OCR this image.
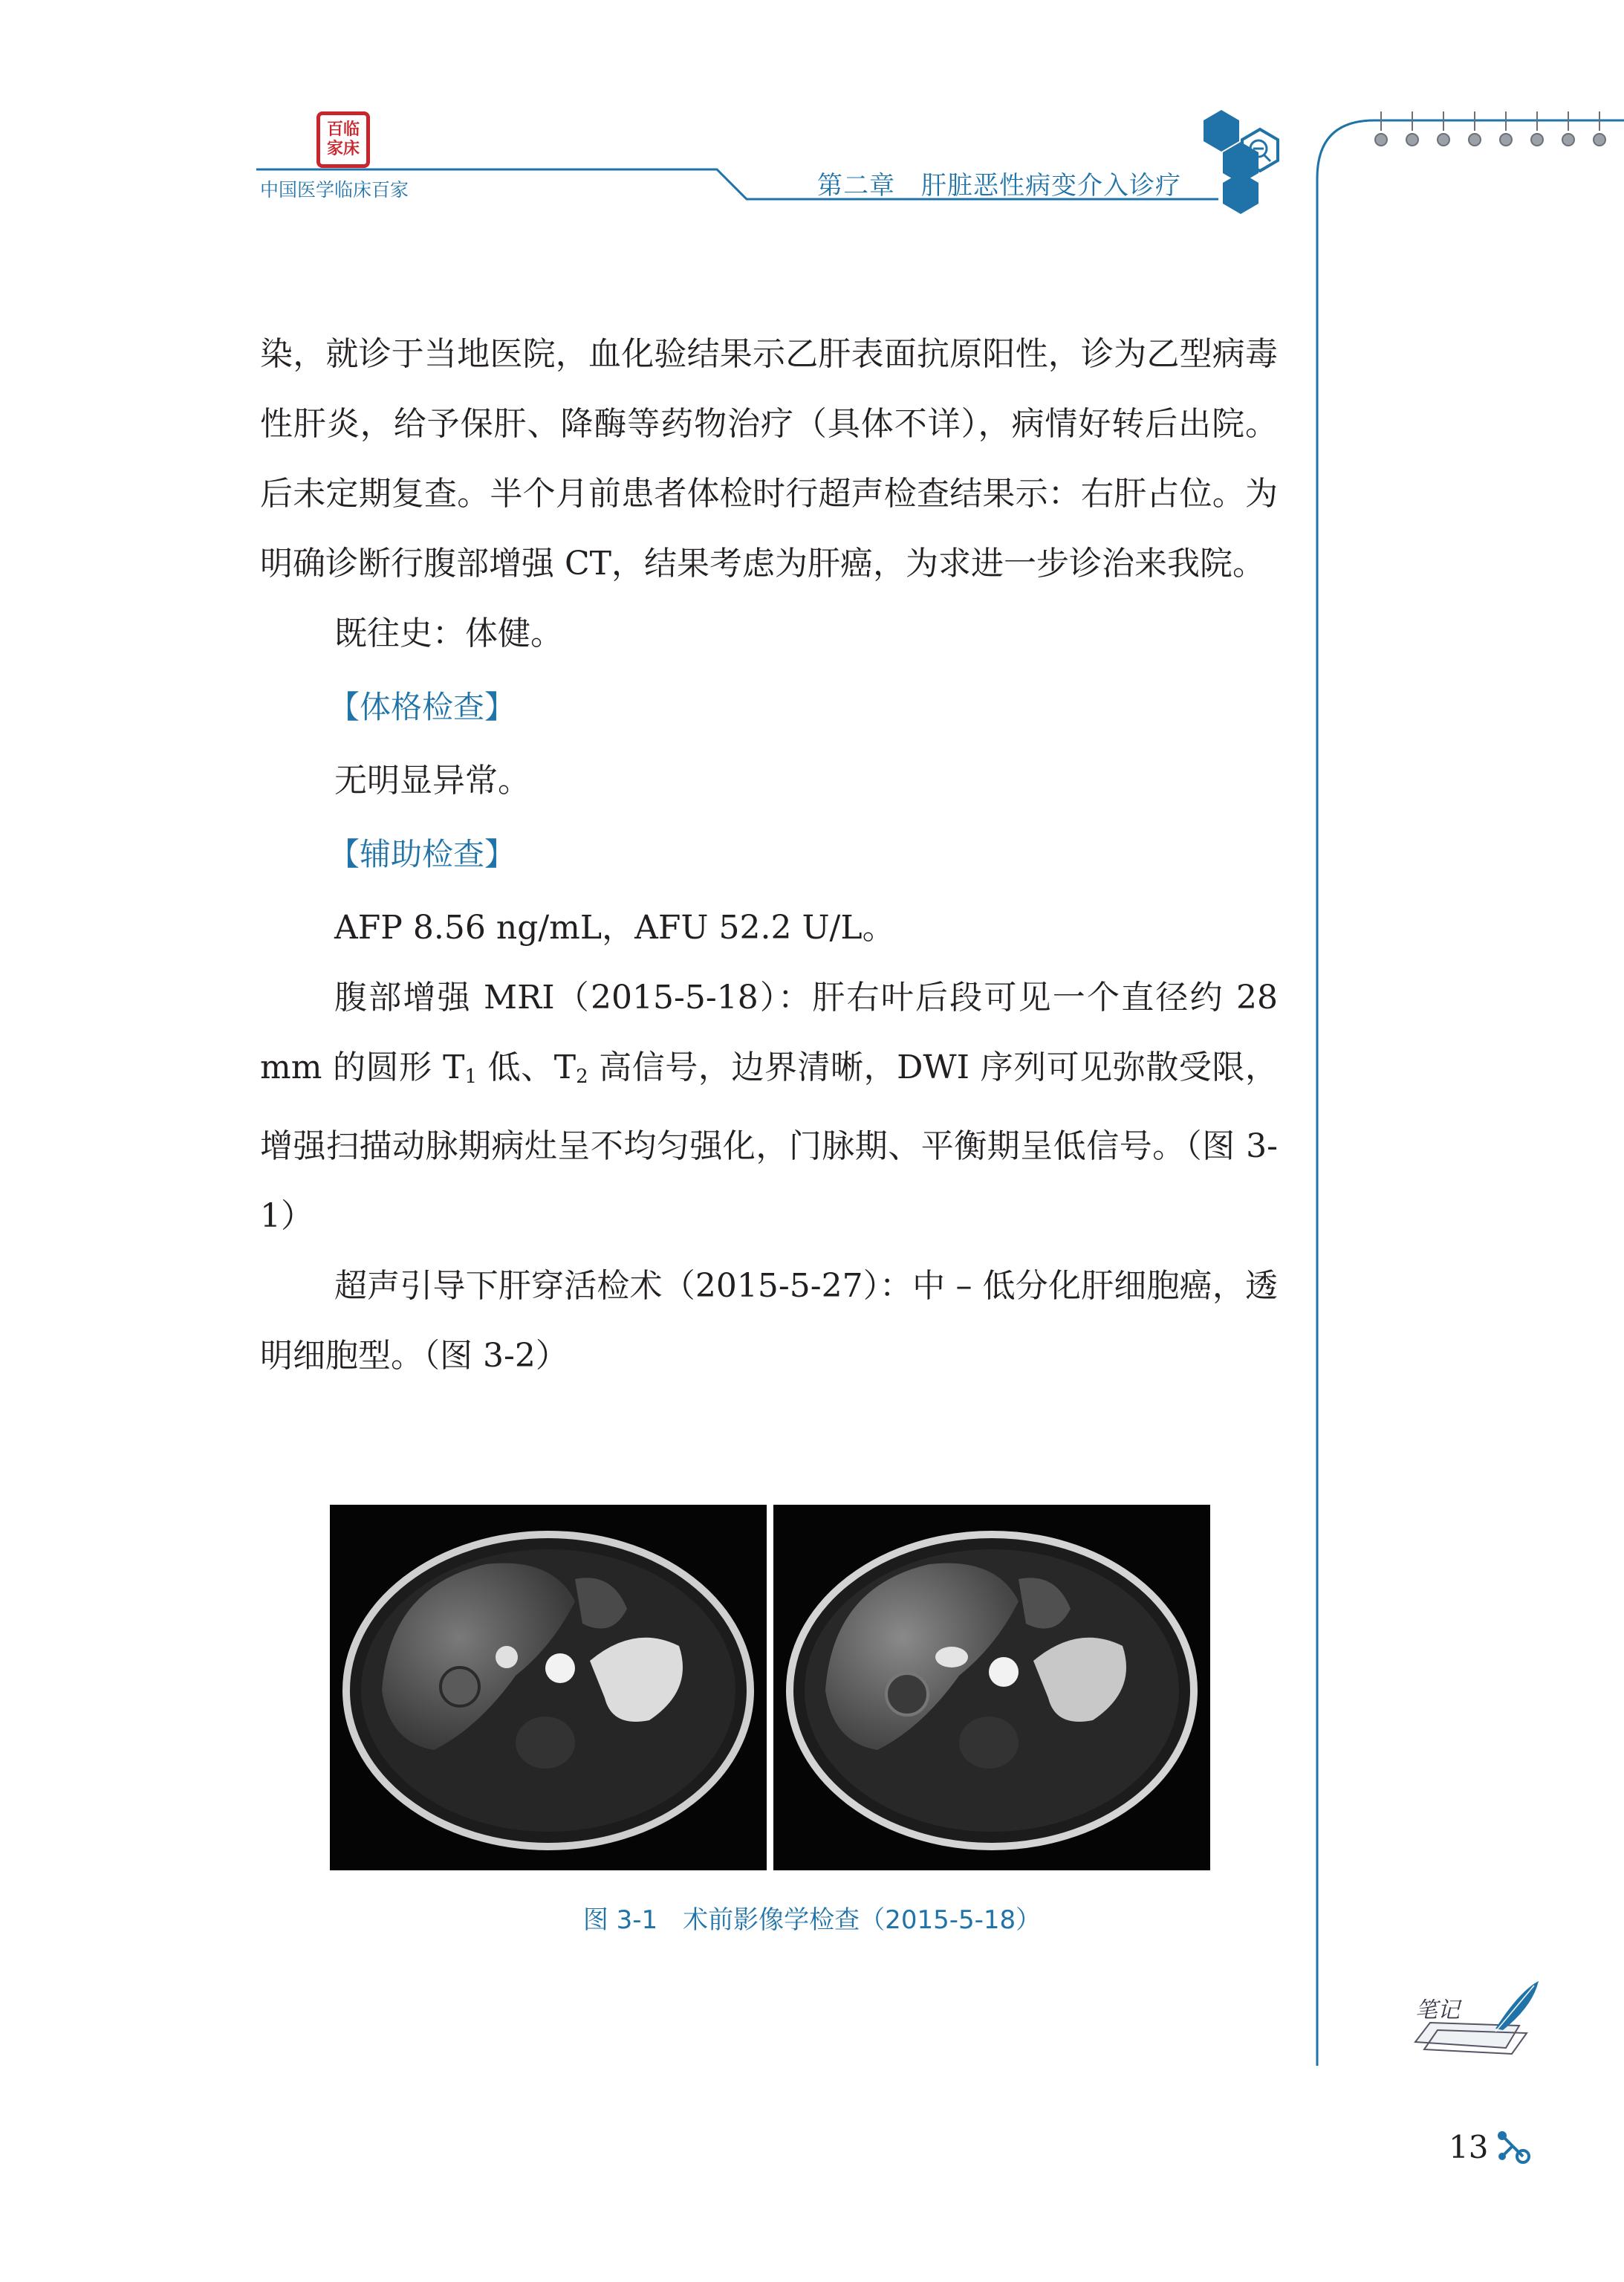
百临家床
中国医学临床百家	第二章　肝脏恶性病变介入诊疗
笔记

染，就诊于当地医院，血化验结果示乙肝表面抗原阳性，诊为乙型病毒性肝炎，给予保肝、降酶等药物治疗（具体不详），病情好转后出院。后未定期复查。半个月前患者体检时行超声检查结果示：右肝占位。为明确诊断行腹部增强 CT，结果考虑为肝癌，为求进一步诊治来我院。

既往史：体健。

【体格检查】

无明显异常。

【辅助检查】

AFP 8.56 ng/mL，AFU 52.2 U/L。

腹部增强 MRI（2015-5-18）：肝右叶后段可见一个直径约 28 mm 的圆形 $T_1$ 低、$T_2$ 高信号，边界清晰，DWI 序列可见弥散受限，增强扫描动脉期病灶呈不均匀强化，门脉期、平衡期呈低信号。（图 3-1）

超声引导下肝穿活检术（2015-5-27）：中 – 低分化肝细胞癌，透明细胞型。（图 3-2）

图 3-1　术前影像学检查（2015-5-18）
13
